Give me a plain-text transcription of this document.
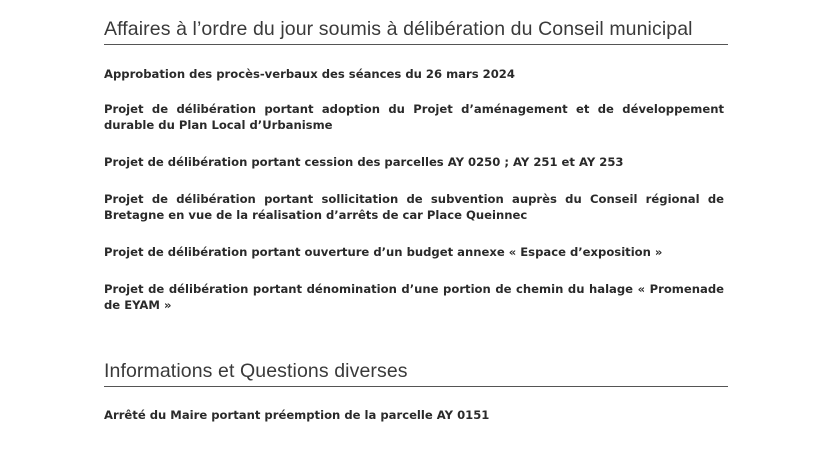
Affaires à l’ordre du jour soumis à délibération du Conseil municipal
Approbation des procès-verbaux des séances du 26 mars 2024
Projet de délibération portant adoption du Projet d’aménagement et de développement durable du Plan Local d’Urbanisme
Projet de délibération portant cession des parcelles AY 0250 ; AY 251 et AY 253
Projet de délibération portant sollicitation de subvention auprès du Conseil régional de Bretagne en vue de la réalisation d’arrêts de car Place Queinnec
Projet de délibération portant ouverture d’un budget annexe « Espace d’exposition »
Projet de délibération portant dénomination d’une portion de chemin du halage « Promenade de EYAM »
Informations et Questions diverses
Arrêté du Maire portant préemption de la parcelle AY 0151
